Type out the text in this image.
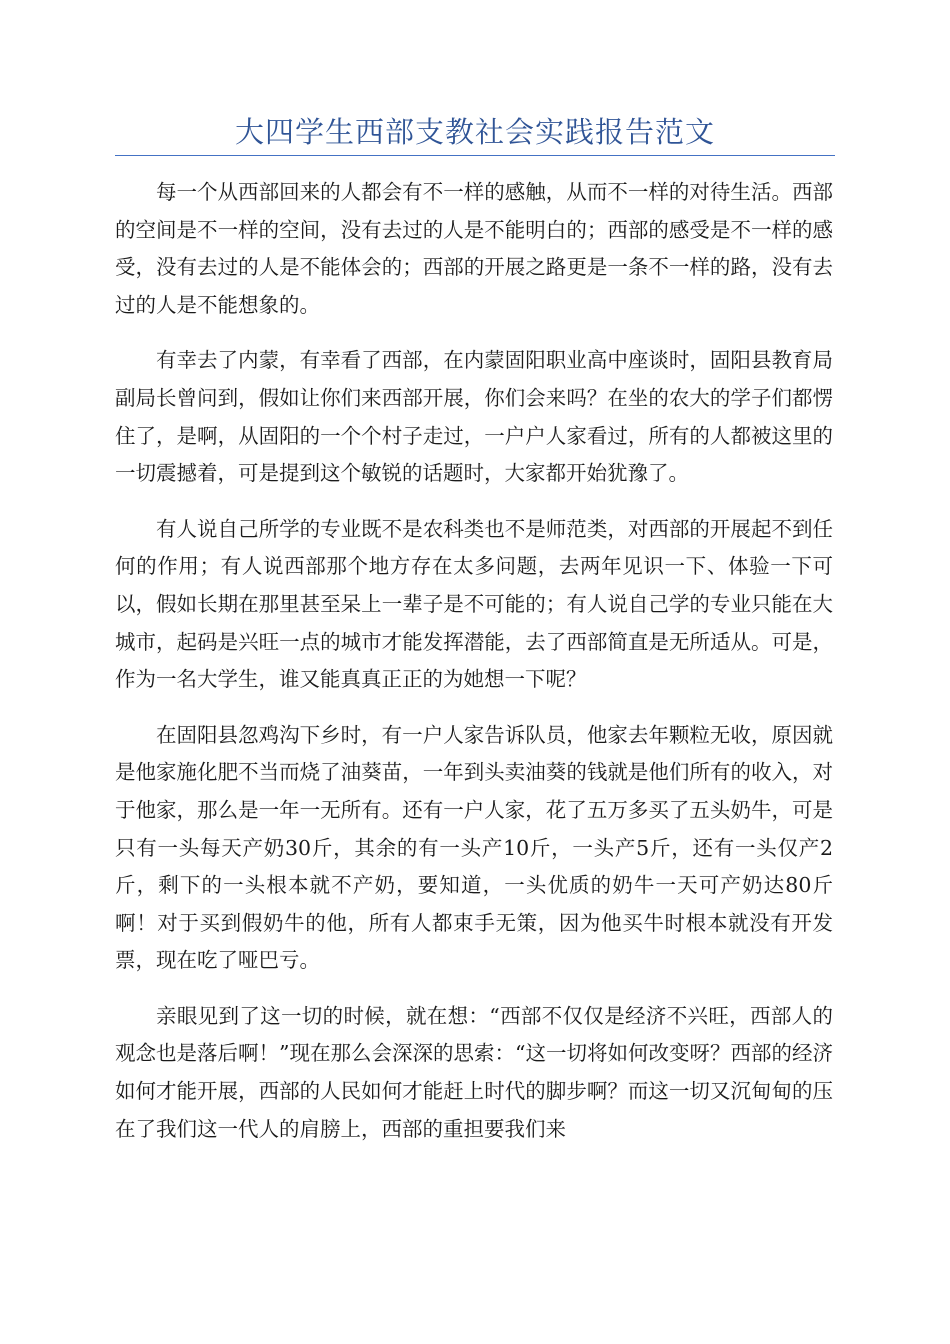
大四学生西部支教社会实践报告范文

每一个从西部回来的人都会有不一样的感触，从而不一样的对待生活。西部的空间是不一样的空间，没有去过的人是不能明白的；西部的感受是不一样的感受，没有去过的人是不能体会的；西部的开展之路更是一条不一样的路，没有去过的人是不能想象的。

有幸去了内蒙，有幸看了西部，在内蒙固阳职业高中座谈时，固阳县教育局副局长曾问到，假如让你们来西部开展，你们会来吗？在坐的农大的学子们都愣住了，是啊，从固阳的一个个村子走过，一户户人家看过，所有的人都被这里的一切震撼着，可是提到这个敏锐的话题时，大家都开始犹豫了。

有人说自己所学的专业既不是农科类也不是师范类，对西部的开展起不到任何的作用；有人说西部那个地方存在太多问题，去两年见识一下、体验一下可以，假如长期在那里甚至呆上一辈子是不可能的；有人说自己学的专业只能在大城市，起码是兴旺一点的城市才能发挥潜能，去了西部简直是无所适从。可是，作为一名大学生，谁又能真真正正的为她想一下呢？

在固阳县忽鸡沟下乡时，有一户人家告诉队员，他家去年颗粒无收，原因就是他家施化肥不当而烧了油葵苗，一年到头卖油葵的钱就是他们所有的收入，对于他家，那么是一年一无所有。还有一户人家，花了五万多买了五头奶牛，可是只有一头每天产奶30斤，其余的有一头产10斤，一头产5斤，还有一头仅产2斤，剩下的一头根本就不产奶，要知道，一头优质的奶牛一天可产奶达80斤啊！对于买到假奶牛的他，所有人都束手无策，因为他买牛时根本就没有开发票，现在吃了哑巴亏。

亲眼见到了这一切的时候，就在想：“西部不仅仅是经济不兴旺，西部人的观念也是落后啊！”现在那么会深深的思索：“这一切将如何改变呀？西部的经济如何才能开展，西部的人民如何才能赶上时代的脚步啊？而这一切又沉甸甸的压在了我们这一代人的肩膀上，西部的重担要我们来
